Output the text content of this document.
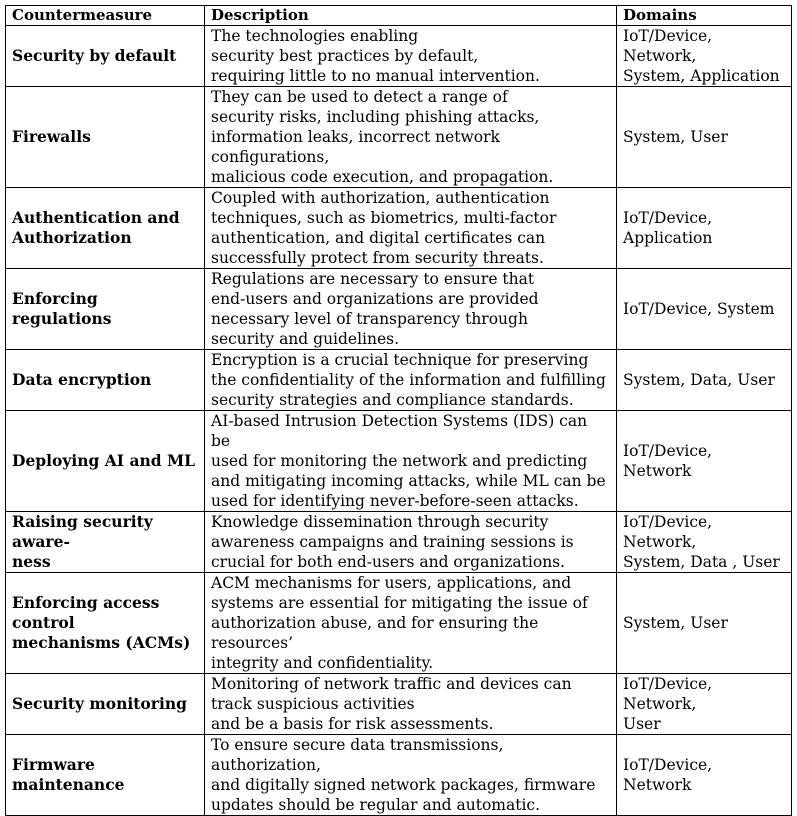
Countermeasure	Description	Domains
Security by default	The technologies enabling
security best practices by default,
requiring little to no manual intervention.	IoT/Device, Network,
System, Application
Firewalls	They can be used to detect a range of
security risks, including phishing attacks,
information leaks, incorrect network configurations,
malicious code execution, and propagation.	System, User
Authentication and
Authorization	Coupled with authorization, authentication
techniques, such as biometrics, multi-factor
authentication, and digital certificates can
successfully protect from security threats.	IoT/Device,
Application
Enforcing regulations	Regulations are necessary to ensure that
end-users and organizations are provided
necessary level of transparency through
security and guidelines.	IoT/Device, System
Data encryption	Encryption is a crucial technique for preserving
the confidentiality of the information and fulfilling
security strategies and compliance standards.	System, Data, User
Deploying AI and ML	AI-based Intrusion Detection Systems (IDS) can be
used for monitoring the network and predicting
and mitigating incoming attacks, while ML can be
used for identifying never-before-seen attacks.	IoT/Device, Network
Raising security aware-
ness	Knowledge dissemination through security
awareness campaigns and training sessions is
crucial for both end-users and organizations.	IoT/Device, Network,
System, Data , User
Enforcing access control
mechanisms (ACMs)	ACM mechanisms for users, applications, and
systems are essential for mitigating the issue of
authorization abuse, and for ensuring the resources’
integrity and confidentiality.	System, User
Security monitoring	Monitoring of network traffic and devices can
track suspicious activities
and be a basis for risk assessments.	IoT/Device, Network,
User
Firmware maintenance	To ensure secure data transmissions, authorization,
and digitally signed network packages, firmware
updates should be regular and automatic.	IoT/Device, Network
